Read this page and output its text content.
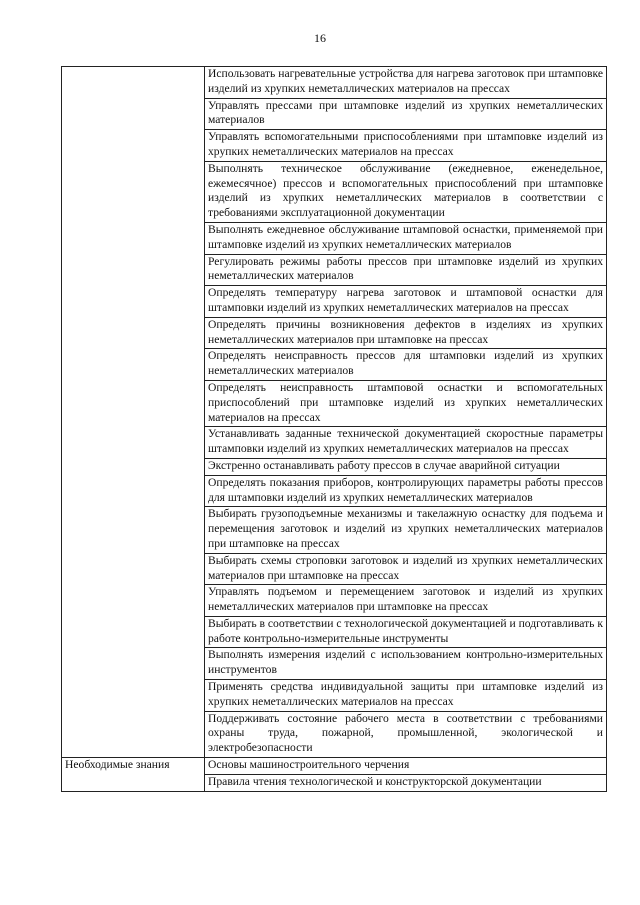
16
	Использовать нагревательные устройства для нагрева заготовок при штамповке изделий из хрупких неметаллических материалов на прессах
	Управлять прессами при штамповке изделий из хрупких неметаллических материалов
	Управлять вспомогательными приспособлениями при штамповке изделий из хрупких неметаллических материалов на прессах
	Выполнять техническое обслуживание (ежедневное, еженедельное, ежемесячное) прессов и вспомогательных приспособлений при штамповке изделий из хрупких неметаллических материалов в соответствии с требованиями эксплуатационной документации
	Выполнять ежедневное обслуживание штамповой оснастки, применяемой при штамповке изделий из хрупких неметаллических материалов
	Регулировать режимы работы прессов при штамповке изделий из хрупких неметаллических материалов
	Определять температуру нагрева заготовок и штамповой оснастки для штамповки изделий из хрупких неметаллических материалов на прессах
	Определять причины возникновения дефектов в изделиях из хрупких неметаллических материалов при штамповке на прессах
	Определять неисправность прессов для штамповки изделий из хрупких неметаллических материалов
	Определять неисправность штамповой оснастки и вспомогательных приспособлений при штамповке изделий из хрупких неметаллических материалов на прессах
	Устанавливать заданные технической документацией скоростные параметры штамповки изделий из хрупких неметаллических материалов на прессах
	Экстренно останавливать работу прессов в случае аварийной ситуации
	Определять показания приборов, контролирующих параметры работы прессов для штамповки изделий из хрупких неметаллических материалов
	Выбирать грузоподъемные механизмы и такелажную оснастку для подъема и перемещения заготовок и изделий из хрупких неметаллических материалов при штамповке на прессах
	Выбирать схемы строповки заготовок и изделий из хрупких неметаллических материалов при штамповке на прессах
	Управлять подъемом и перемещением заготовок и изделий из хрупких неметаллических материалов при штамповке на прессах
	Выбирать в соответствии с технологической документацией и подготавливать к работе контрольно-измерительные инструменты
	Выполнять измерения изделий с использованием контрольно-измерительных инструментов
	Применять средства индивидуальной защиты при штамповке изделий из хрупких неметаллических материалов на прессах
	Поддерживать состояние рабочего места в соответствии с требованиями охраны труда, пожарной, промышленной, экологической и электробезопасности
Необходимые знания	Основы машиностроительного черчения
	Правила чтения технологической и конструкторской документации
